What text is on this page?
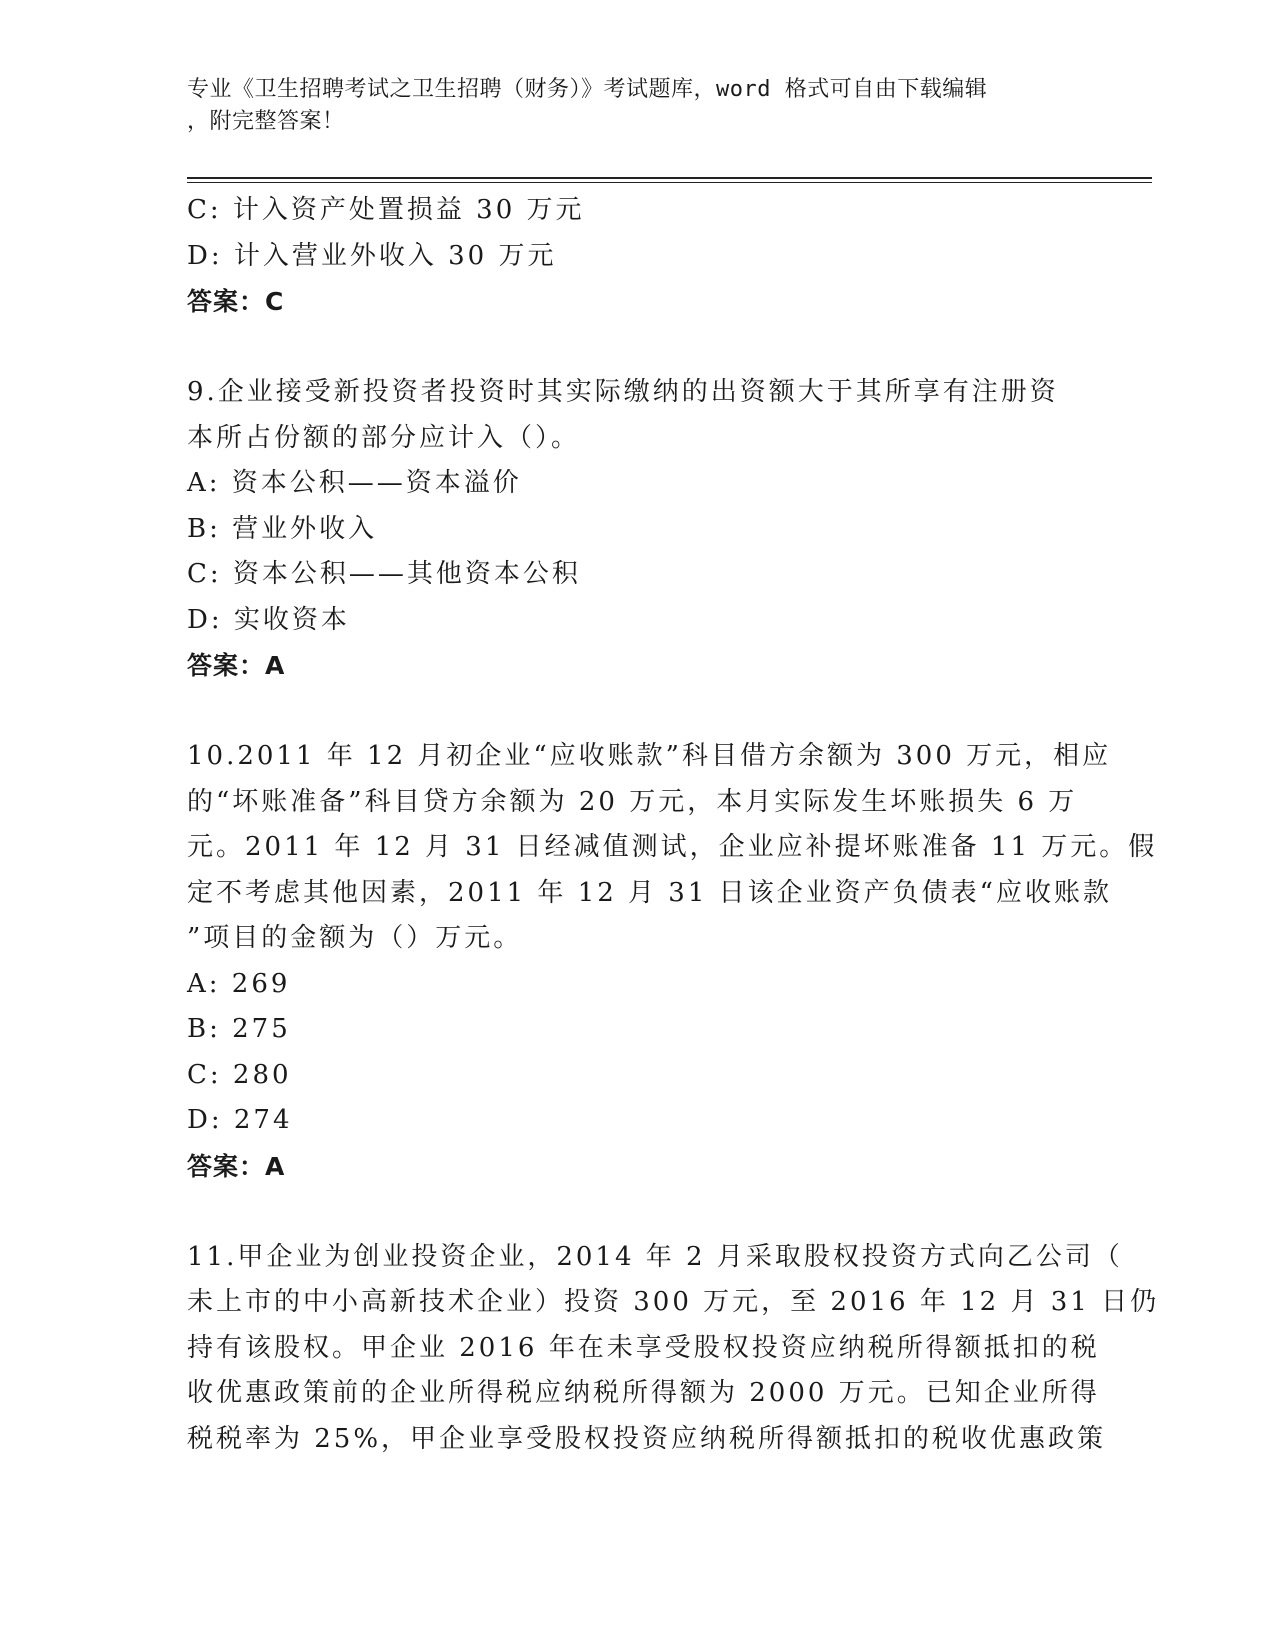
专业《卫生招聘考试之卫生招聘（财务）》考试题库，word 格式可自由下载编辑
，附完整答案！
C: 计入资产处置损益 30 万元
D: 计入营业外收入 30 万元
答案：C
9.企业接受新投资者投资时其实际缴纳的出资额大于其所享有注册资
本所占份额的部分应计入（）。
A: 资本公积——资本溢价
B: 营业外收入
C: 资本公积——其他资本公积
D: 实收资本
答案：A
10.2011 年 12 月初企业“应收账款”科目借方余额为 300 万元，相应
的“坏账准备”科目贷方余额为 20 万元，本月实际发生坏账损失 6 万
元。2011 年 12 月 31 日经减值测试，企业应补提坏账准备 11 万元。假
定不考虑其他因素，2011 年 12 月 31 日该企业资产负债表“应收账款
”项目的金额为（）万元。
A: 269
B: 275
C: 280
D: 274
答案：A
11.甲企业为创业投资企业，2014 年 2 月采取股权投资方式向乙公司（
未上市的中小高新技术企业）投资 300 万元，至 2016 年 12 月 31 日仍
持有该股权。甲企业 2016 年在未享受股权投资应纳税所得额抵扣的税
收优惠政策前的企业所得税应纳税所得额为 2000 万元。已知企业所得
税税率为 25%，甲企业享受股权投资应纳税所得额抵扣的税收优惠政策
